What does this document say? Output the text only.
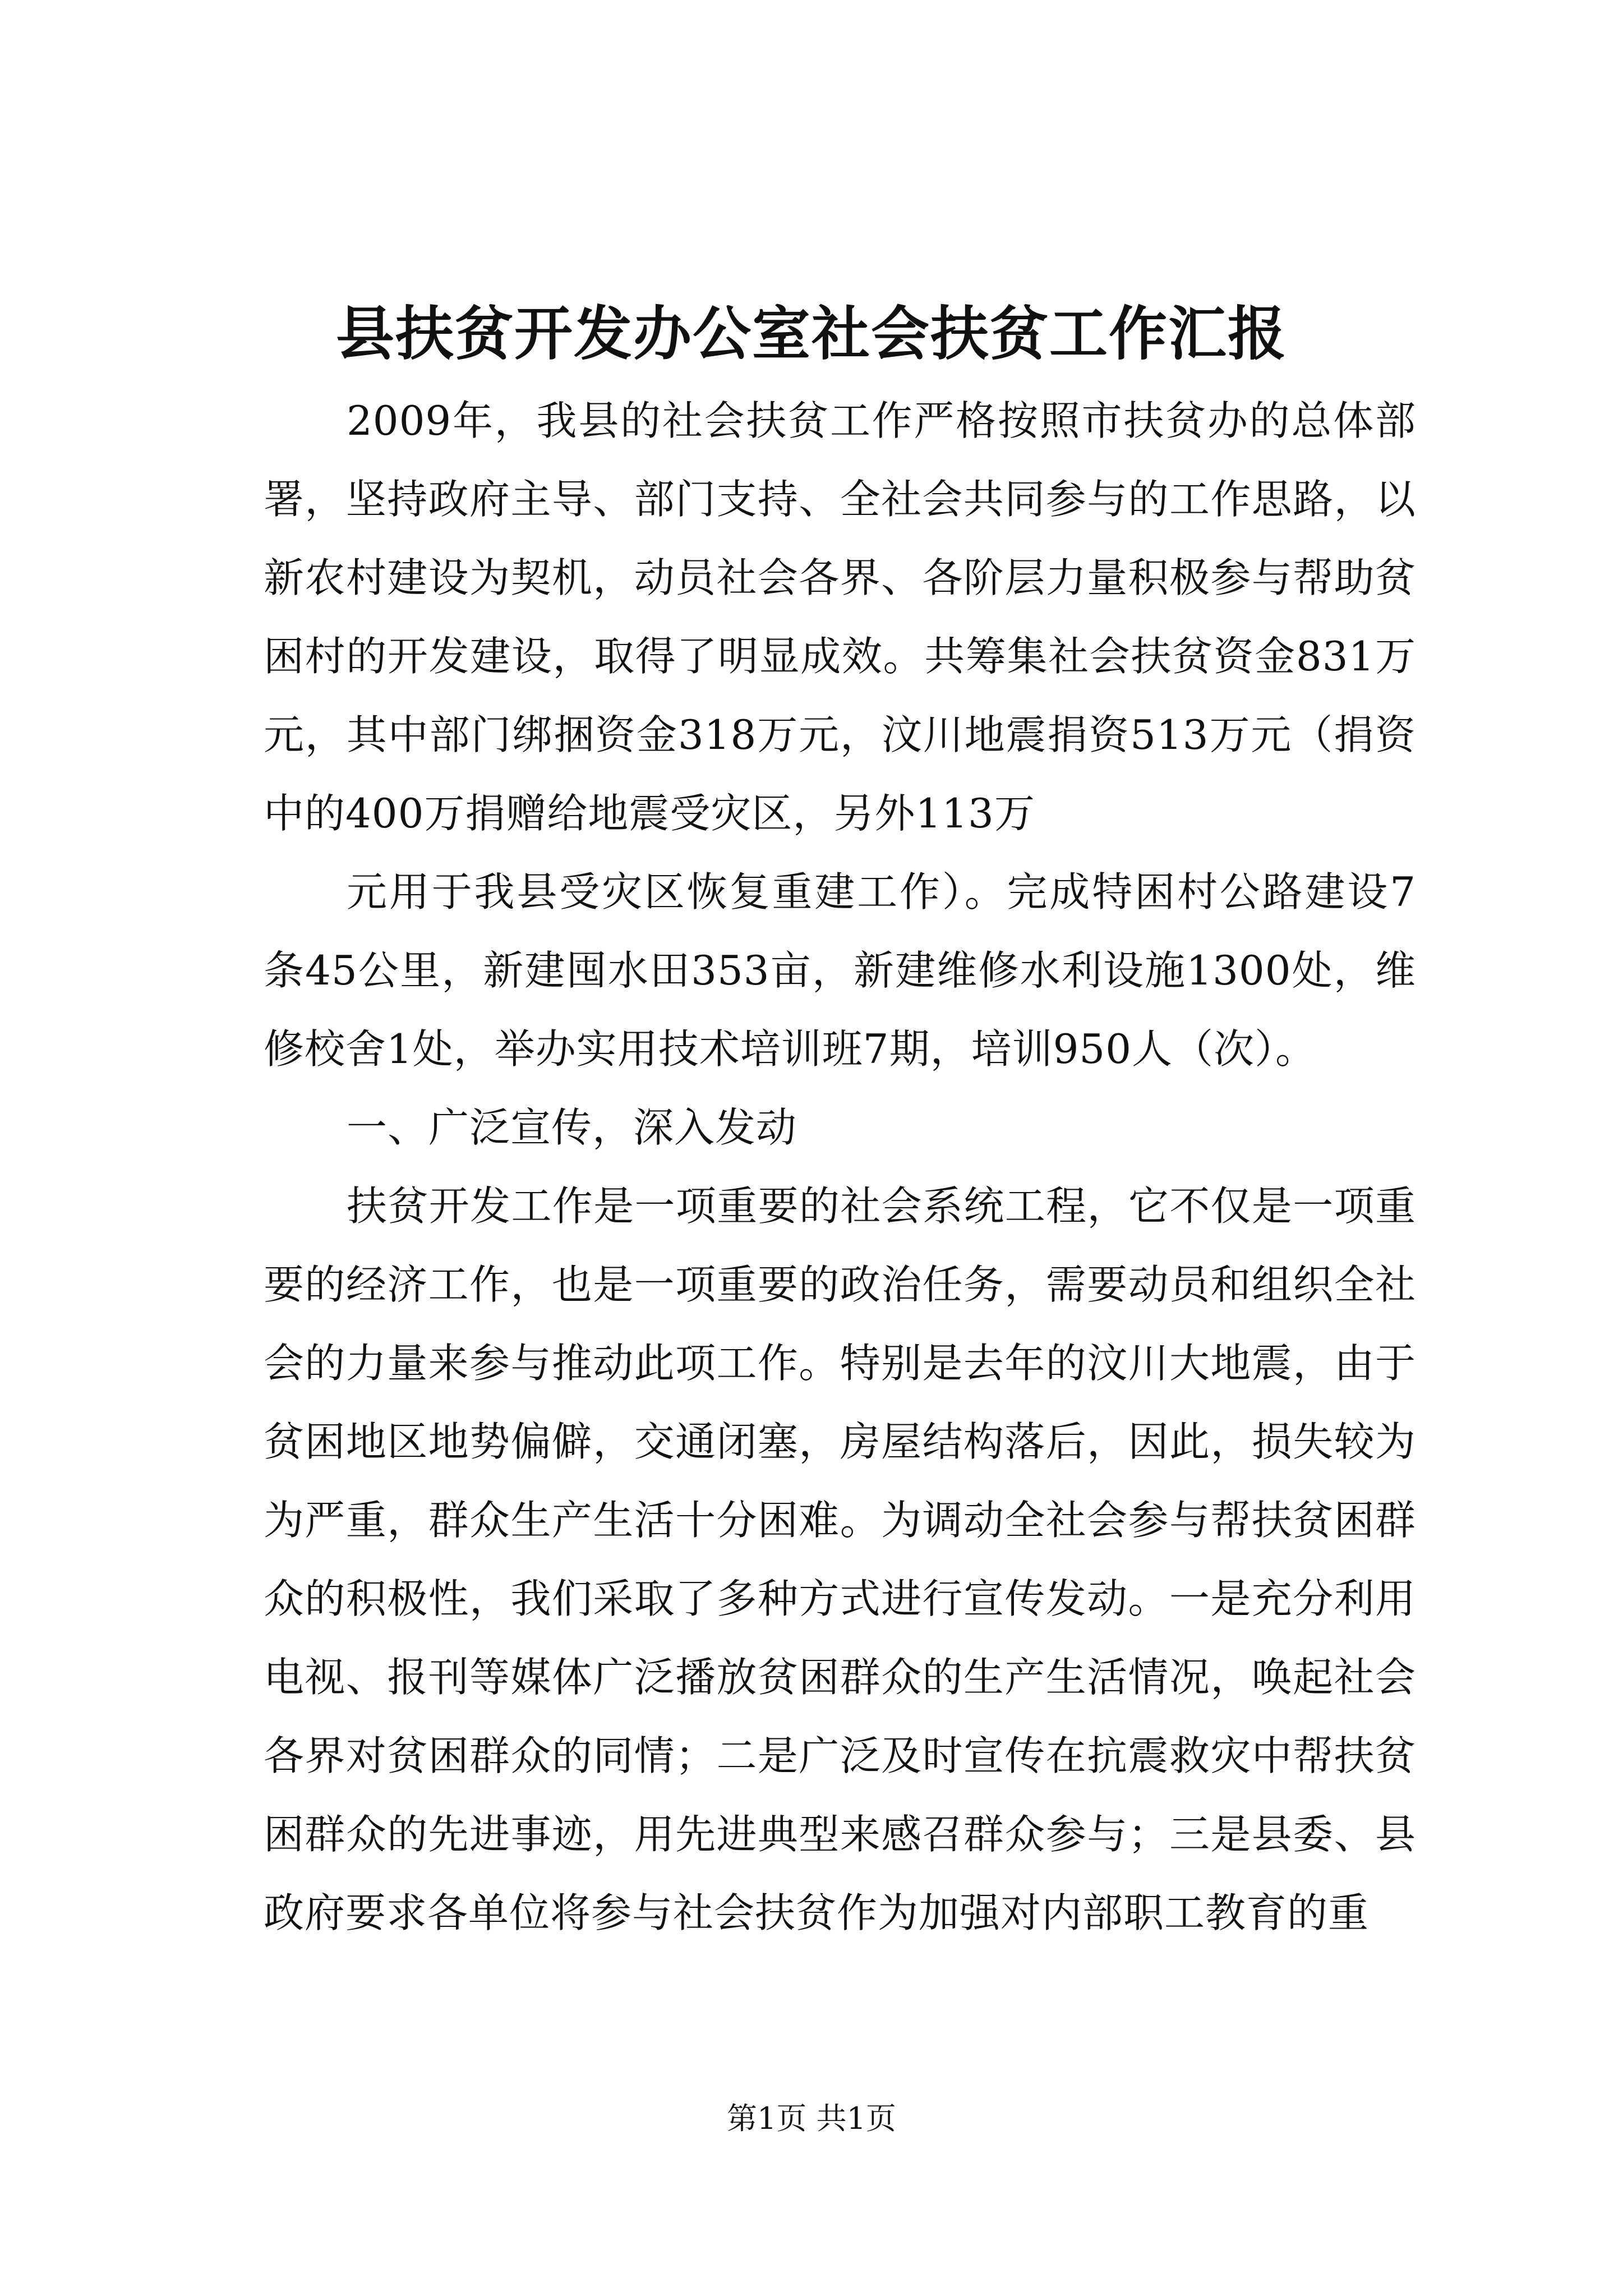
县扶贫开发办公室社会扶贫工作汇报

2009年，我县的社会扶贫工作严格按照市扶贫办的总体部署，坚持政府主导、部门支持、全社会共同参与的工作思路，以新农村建设为契机，动员社会各界、各阶层力量积极参与帮助贫困村的开发建设，取得了明显成效。共筹集社会扶贫资金831万元，其中部门绑捆资金318万元，汶川地震捐资513万元（捐资中的400万捐赠给地震受灾区，另外113万

元用于我县受灾区恢复重建工作）。完成特困村公路建设7条45公里，新建囤水田353亩，新建维修水利设施1300处，维修校舍1处，举办实用技术培训班7期，培训950人（次）。

一、广泛宣传，深入发动

扶贫开发工作是一项重要的社会系统工程，它不仅是一项重要的经济工作，也是一项重要的政治任务，需要动员和组织全社会的力量来参与推动此项工作。特别是去年的汶川大地震，由于贫困地区地势偏僻，交通闭塞，房屋结构落后，因此，损失较为为严重，群众生产生活十分困难。为调动全社会参与帮扶贫困群众的积极性，我们采取了多种方式进行宣传发动。一是充分利用电视、报刊等媒体广泛播放贫困群众的生产生活情况，唤起社会各界对贫困群众的同情；二是广泛及时宣传在抗震救灾中帮扶贫困群众的先进事迹，用先进典型来感召群众参与；三是县委、县政府要求各单位将参与社会扶贫作为加强对内部职工教育的重

第1页 共1页
